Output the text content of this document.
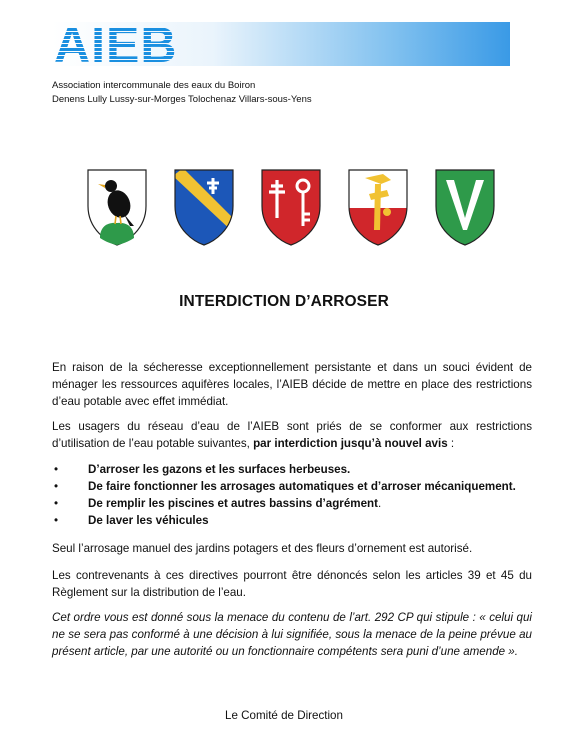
AIEB
Association intercommunale des eaux du Boiron
Denens Lully Lussy-sur-Morges Tolochenaz Villars-sous-Yens
INTERDICTION D’ARROSER
En raison de la sécheresse exceptionnellement persistante et dans un souci évident de ménager les ressources aquifères locales, l’AIEB décide de mettre en place des restrictions d’eau potable avec effet immédiat.
Les usagers du réseau d’eau de l’AIEB sont priés de se conformer aux restrictions d’utilisation de l’eau potable suivantes, par interdiction jusqu’à nouvel avis :
•	D’arroser les gazons et les surfaces herbeuses.
•	De faire fonctionner les arrosages automatiques et d’arroser mécaniquement.
•	De remplir les piscines et autres bassins d’agrément.
•	De laver les véhicules
Seul l’arrosage manuel des jardins potagers et des fleurs d’ornement est autorisé.
Les contrevenants à ces directives pourront être dénoncés selon les articles 39 et 45 du Règlement sur la distribution de l’eau.
Cet ordre vous est donné sous la menace du contenu de l’art. 292 CP qui stipule : « celui qui ne se sera pas conformé à une décision à lui signifiée, sous la menace de la peine prévue au présent article, par une autorité ou un fonctionnaire compétents sera puni d’une amende ».
Le Comité de Direction
